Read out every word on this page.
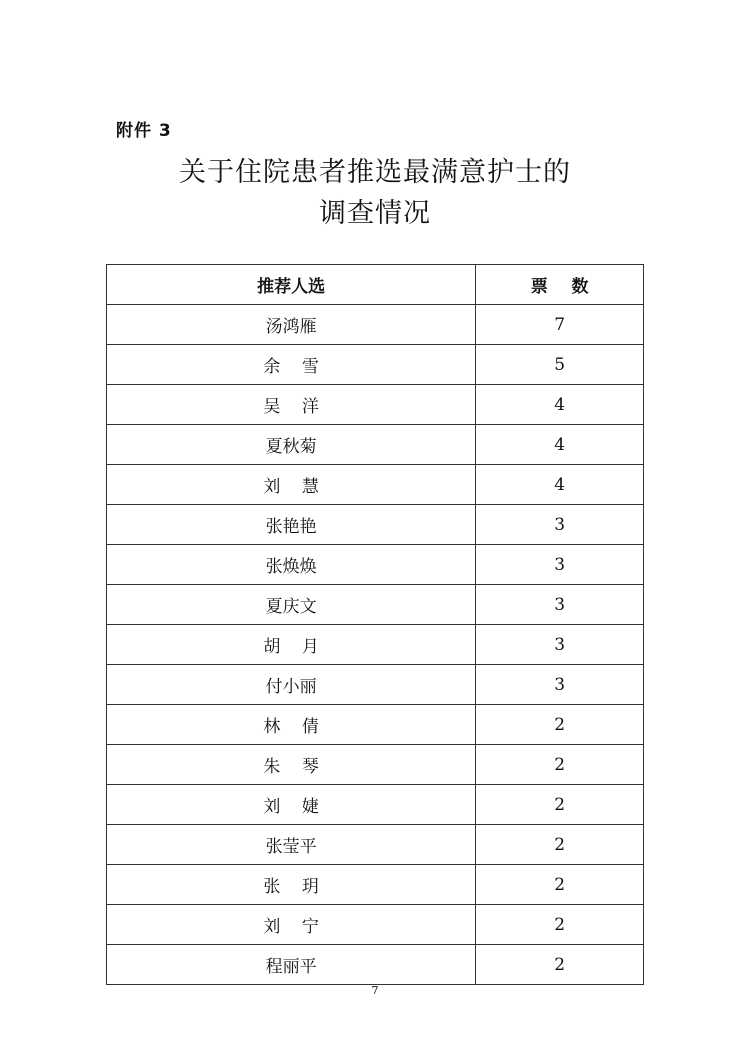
附件 3
关于住院患者推选最满意护士的
调查情况
推荐人选	票    数
汤鸿雁	7
余    雪	5
吴    洋	4
夏秋菊	4
刘    慧	4
张艳艳	3
张焕焕	3
夏庆文	3
胡    月	3
付小丽	3
林    倩	2
朱    琴	2
刘    婕	2
张莹平	2
张    玥	2
刘    宁	2
程丽平	2
7
